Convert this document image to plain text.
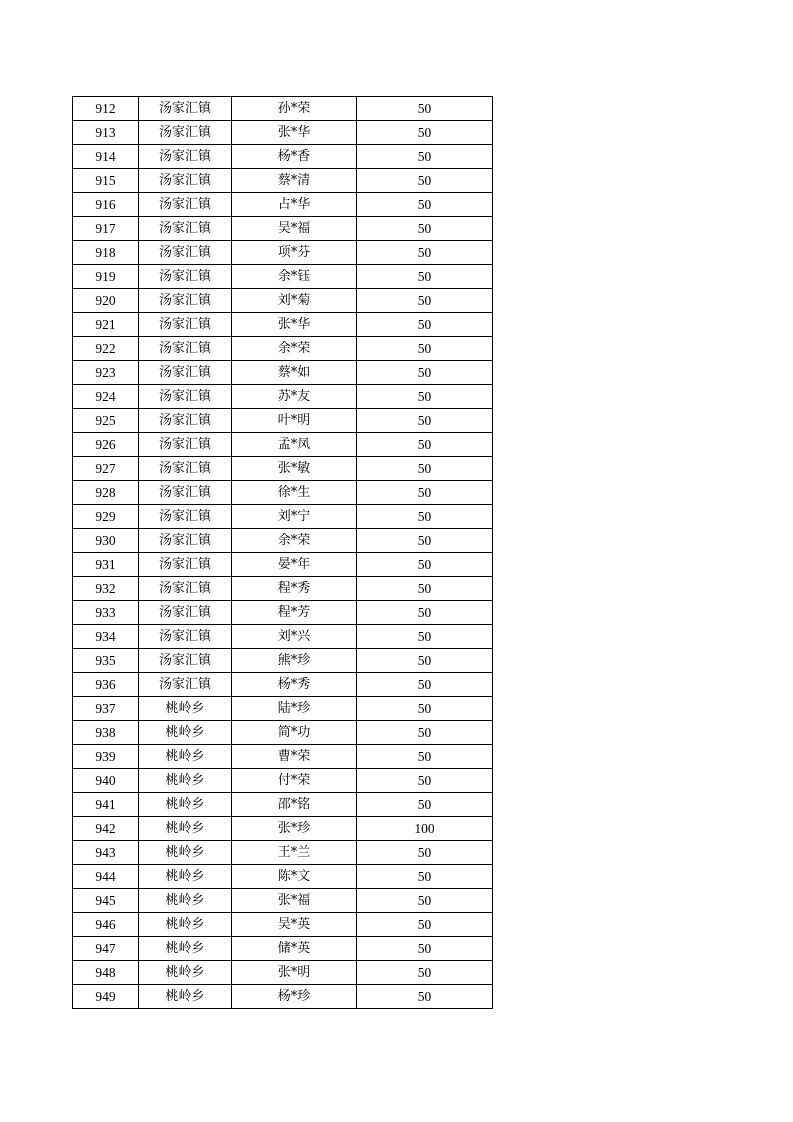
912	汤家汇镇	孙*荣	50
913	汤家汇镇	张*华	50
914	汤家汇镇	杨*香	50
915	汤家汇镇	蔡*清	50
916	汤家汇镇	占*华	50
917	汤家汇镇	吴*福	50
918	汤家汇镇	项*芬	50
919	汤家汇镇	余*钰	50
920	汤家汇镇	刘*菊	50
921	汤家汇镇	张*华	50
922	汤家汇镇	余*荣	50
923	汤家汇镇	蔡*如	50
924	汤家汇镇	苏*友	50
925	汤家汇镇	叶*明	50
926	汤家汇镇	孟*凤	50
927	汤家汇镇	张*敏	50
928	汤家汇镇	徐*生	50
929	汤家汇镇	刘*宁	50
930	汤家汇镇	余*荣	50
931	汤家汇镇	晏*年	50
932	汤家汇镇	程*秀	50
933	汤家汇镇	程*芳	50
934	汤家汇镇	刘*兴	50
935	汤家汇镇	熊*珍	50
936	汤家汇镇	杨*秀	50
937	桃岭乡	陆*珍	50
938	桃岭乡	简*功	50
939	桃岭乡	曹*荣	50
940	桃岭乡	付*荣	50
941	桃岭乡	邵*铭	50
942	桃岭乡	张*珍	100
943	桃岭乡	王*兰	50
944	桃岭乡	陈*文	50
945	桃岭乡	张*福	50
946	桃岭乡	吴*英	50
947	桃岭乡	储*英	50
948	桃岭乡	张*明	50
949	桃岭乡	杨*珍	50
